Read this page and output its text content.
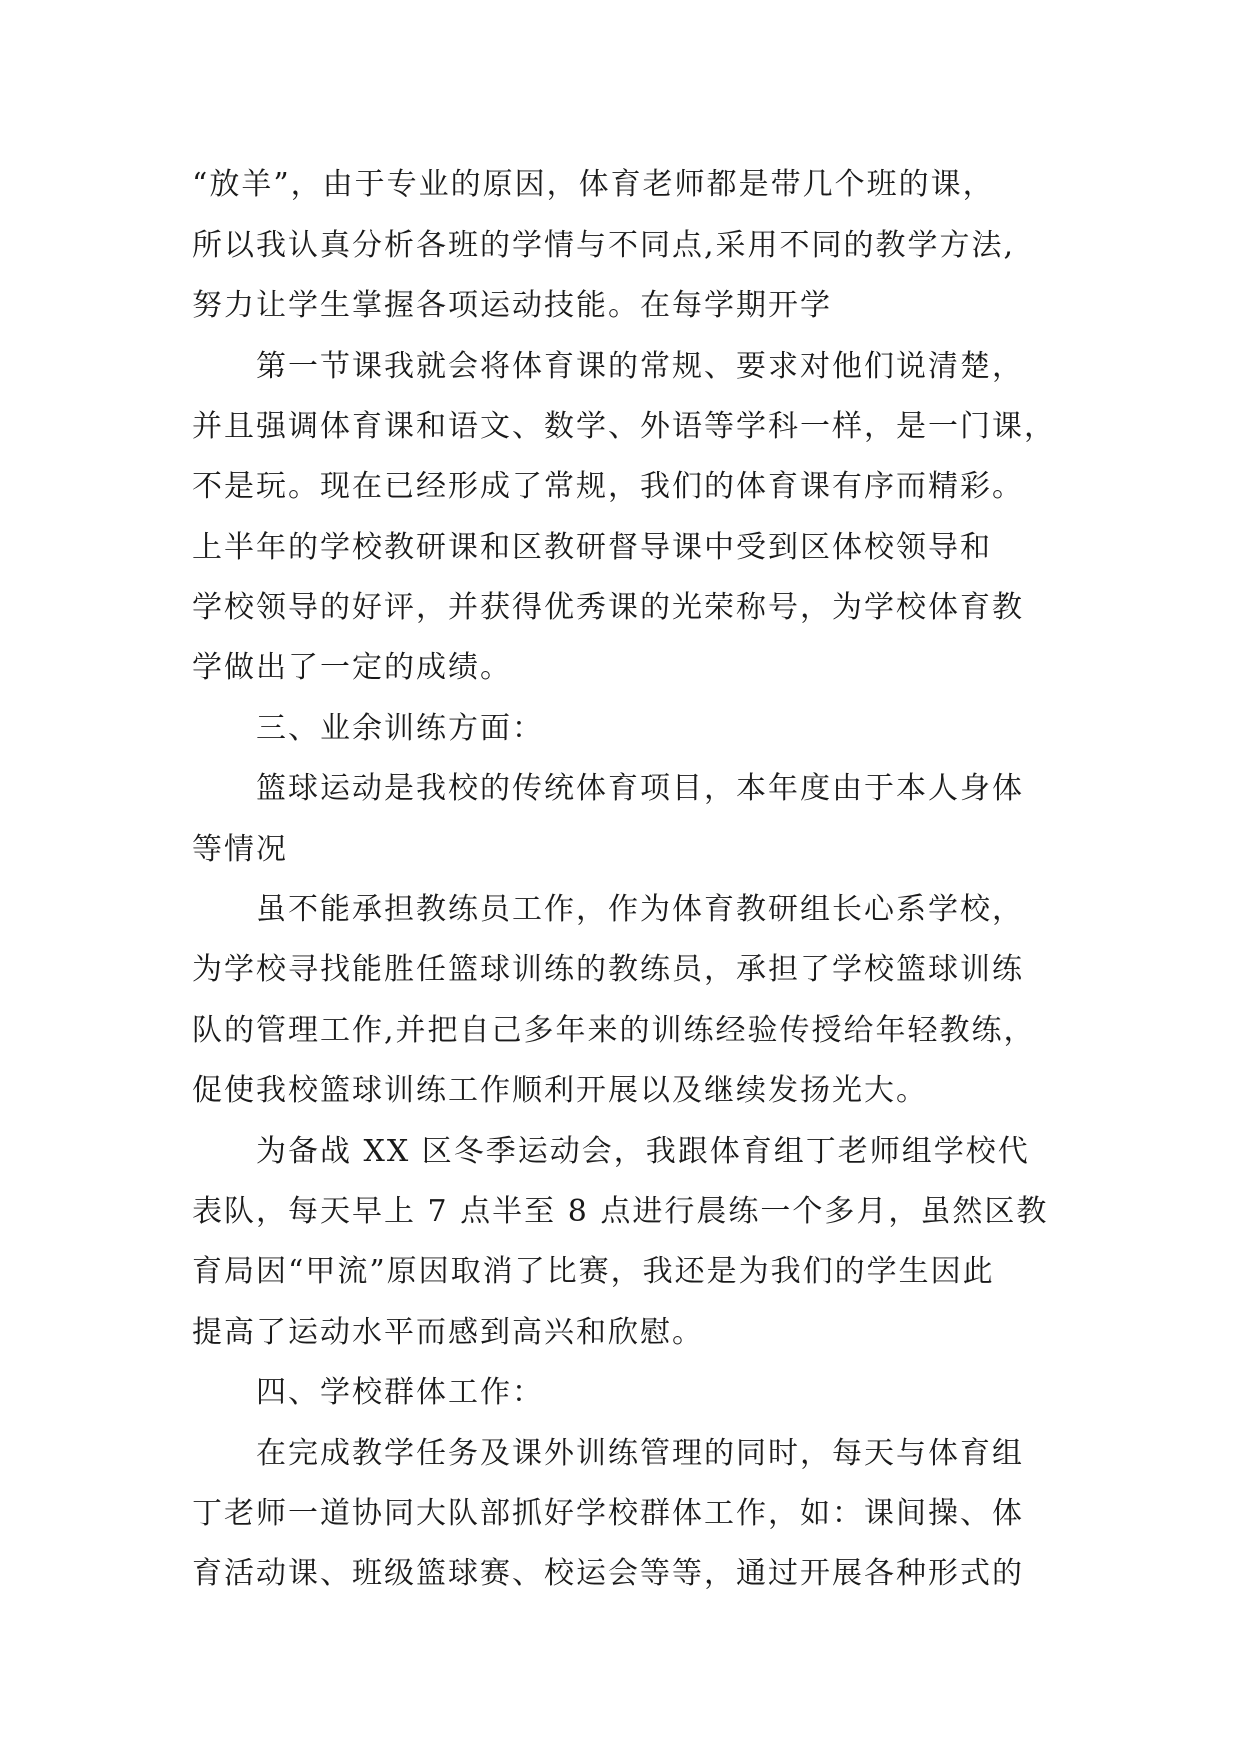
“放羊”，由于专业的原因，体育老师都是带几个班的课，
所以我认真分析各班的学情与不同点,采用不同的教学方法,
努力让学生掌握各项运动技能。在每学期开学
第一节课我就会将体育课的常规、要求对他们说清楚，
并且强调体育课和语文、数学、外语等学科一样，是一门课，
不是玩。现在已经形成了常规，我们的体育课有序而精彩。
上半年的学校教研课和区教研督导课中受到区体校领导和
学校领导的好评，并获得优秀课的光荣称号，为学校体育教
学做出了一定的成绩。
三、业余训练方面：
篮球运动是我校的传统体育项目，本年度由于本人身体
等情况
虽不能承担教练员工作，作为体育教研组长心系学校，
为学校寻找能胜任篮球训练的教练员，承担了学校篮球训练
队的管理工作,并把自己多年来的训练经验传授给年轻教练，
促使我校篮球训练工作顺利开展以及继续发扬光大。
为备战 XX 区冬季运动会，我跟体育组丁老师组学校代
表队，每天早上 7 点半至 8 点进行晨练一个多月，虽然区教
育局因“甲流”原因取消了比赛，我还是为我们的学生因此
提高了运动水平而感到高兴和欣慰。
四、学校群体工作：
在完成教学任务及课外训练管理的同时，每天与体育组
丁老师一道协同大队部抓好学校群体工作，如：课间操、体
育活动课、班级篮球赛、校运会等等，通过开展各种形式的
